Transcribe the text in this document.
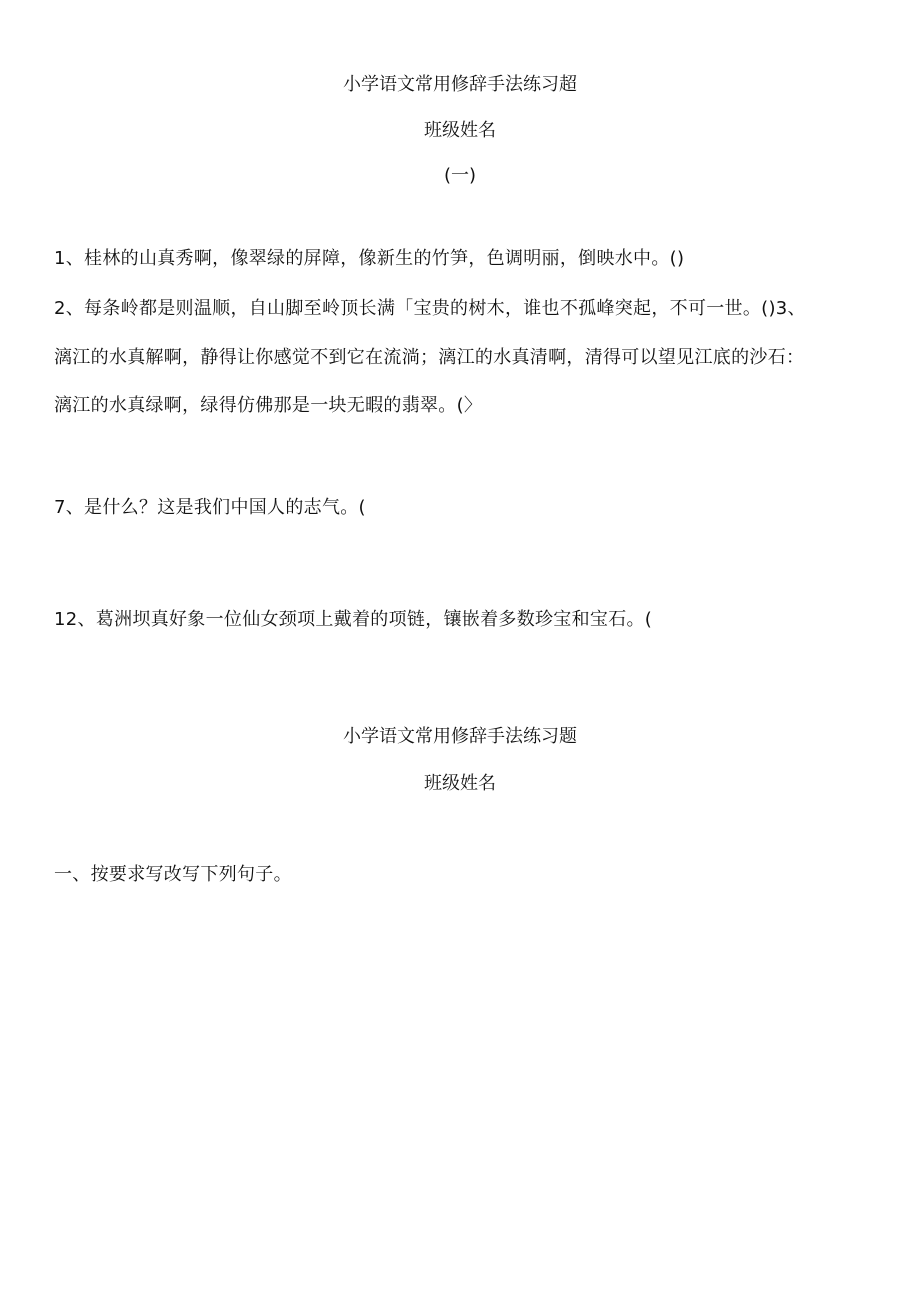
小学语文常用修辞手法练习超
班级姓名
(一)
1、桂林的山真秀啊，像翠绿的屏障，像新生的竹笋，色调明丽，倒映水中。()
2、每条岭都是则温顺，自山脚至岭顶长满「宝贵的树木，谁也不孤峰突起，不可一世。()3、
漓江的水真解啊，静得让你感觉不到它在流淌；漓江的水真清啊，清得可以望见江底的沙石：
漓江的水真绿啊，绿得仿佛那是一块无暇的翡翠。(〉
7、是什么？这是我们中国人的志气。(
12、葛洲坝真好象一位仙女颈项上戴着的项链，镶嵌着多数珍宝和宝石。(
小学语文常用修辞手法练习题
班级姓名
一、按要求写改写下列句子。
